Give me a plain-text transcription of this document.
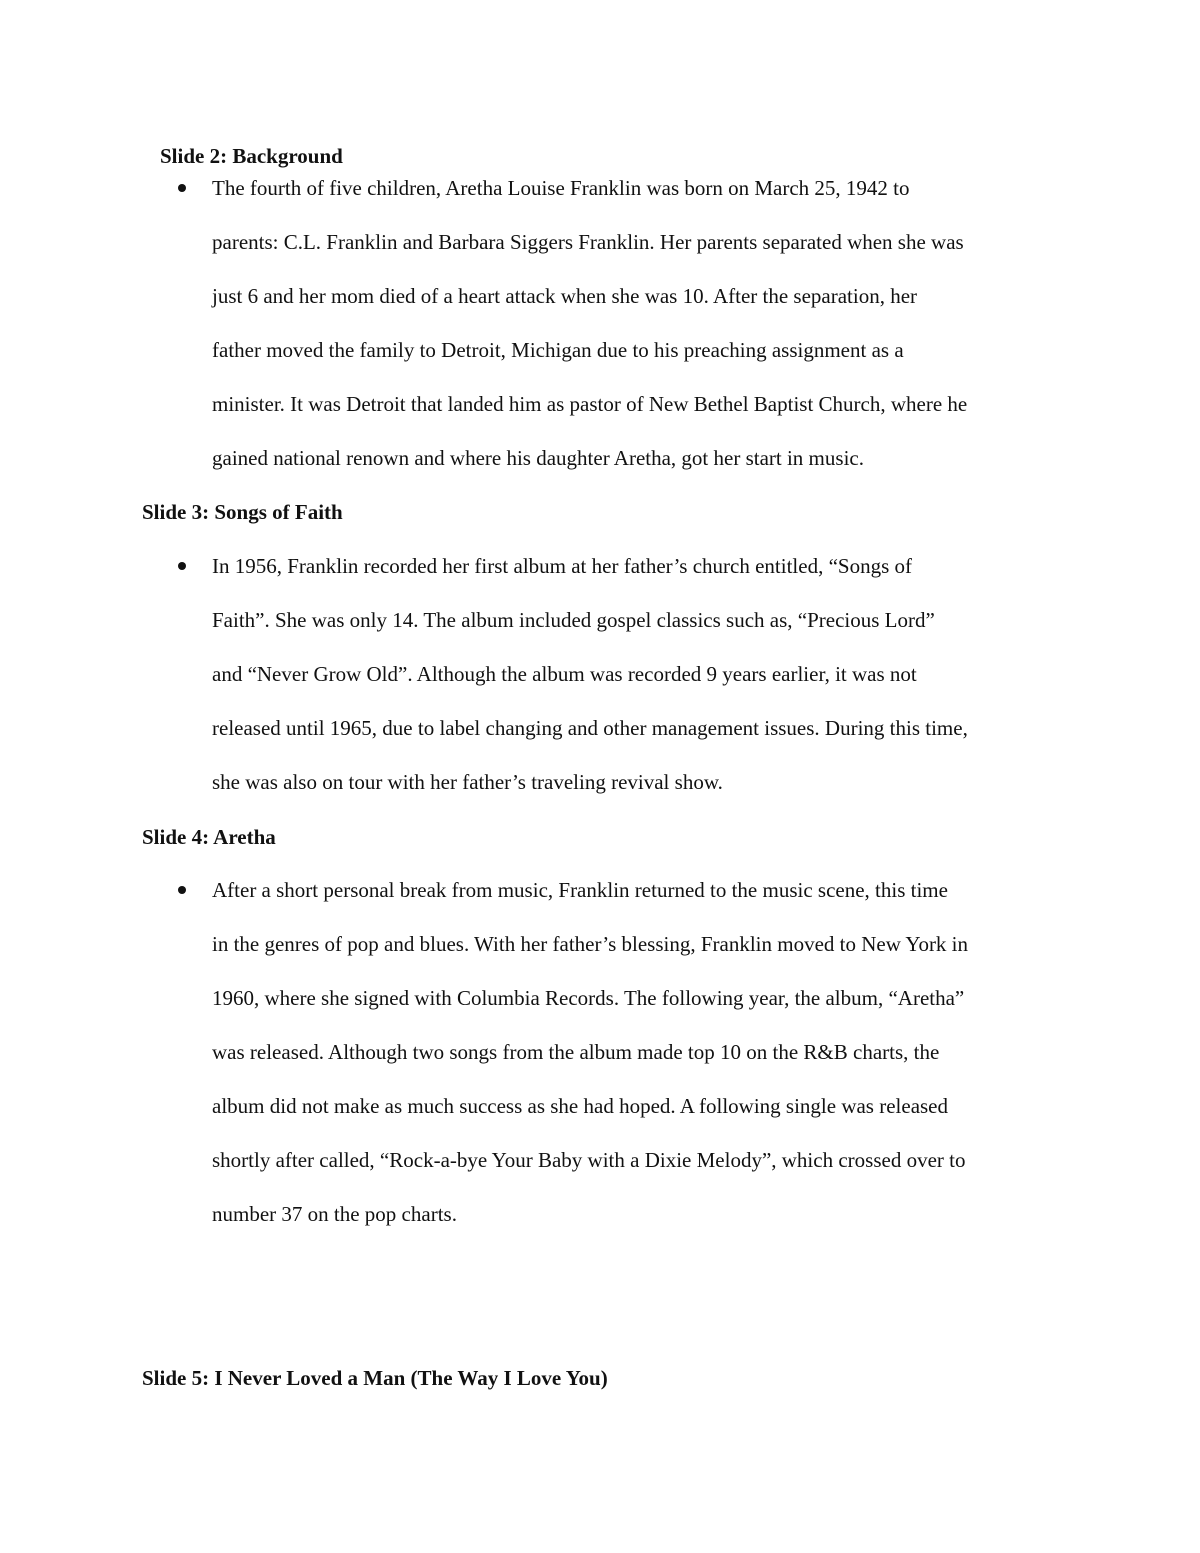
Slide 2: Background
The fourth of five children, Aretha Louise Franklin was born on March 25, 1942 to
parents: C.L. Franklin and Barbara Siggers Franklin. Her parents separated when she was
just 6 and her mom died of a heart attack when she was 10. After the separation, her
father moved the family to Detroit, Michigan due to his preaching assignment as a
minister. It was Detroit that landed him as pastor of New Bethel Baptist Church, where he
gained national renown and where his daughter Aretha, got her start in music.
Slide 3: Songs of Faith
In 1956, Franklin recorded her first album at her father’s church entitled, “Songs of
Faith”. She was only 14. The album included gospel classics such as, “Precious Lord”
and “Never Grow Old”. Although the album was recorded 9 years earlier, it was not
released until 1965, due to label changing and other management issues. During this time,
she was also on tour with her father’s traveling revival show.
Slide 4: Aretha
After a short personal break from music, Franklin returned to the music scene, this time
in the genres of pop and blues. With her father’s blessing, Franklin moved to New York in
1960, where she signed with Columbia Records. The following year, the album, “Aretha”
was released. Although two songs from the album made top 10 on the R&B charts, the
album did not make as much success as she had hoped. A following single was released
shortly after called, “Rock-a-bye Your Baby with a Dixie Melody”, which crossed over to
number 37 on the pop charts.
Slide 5: I Never Loved a Man (The Way I Love You)
